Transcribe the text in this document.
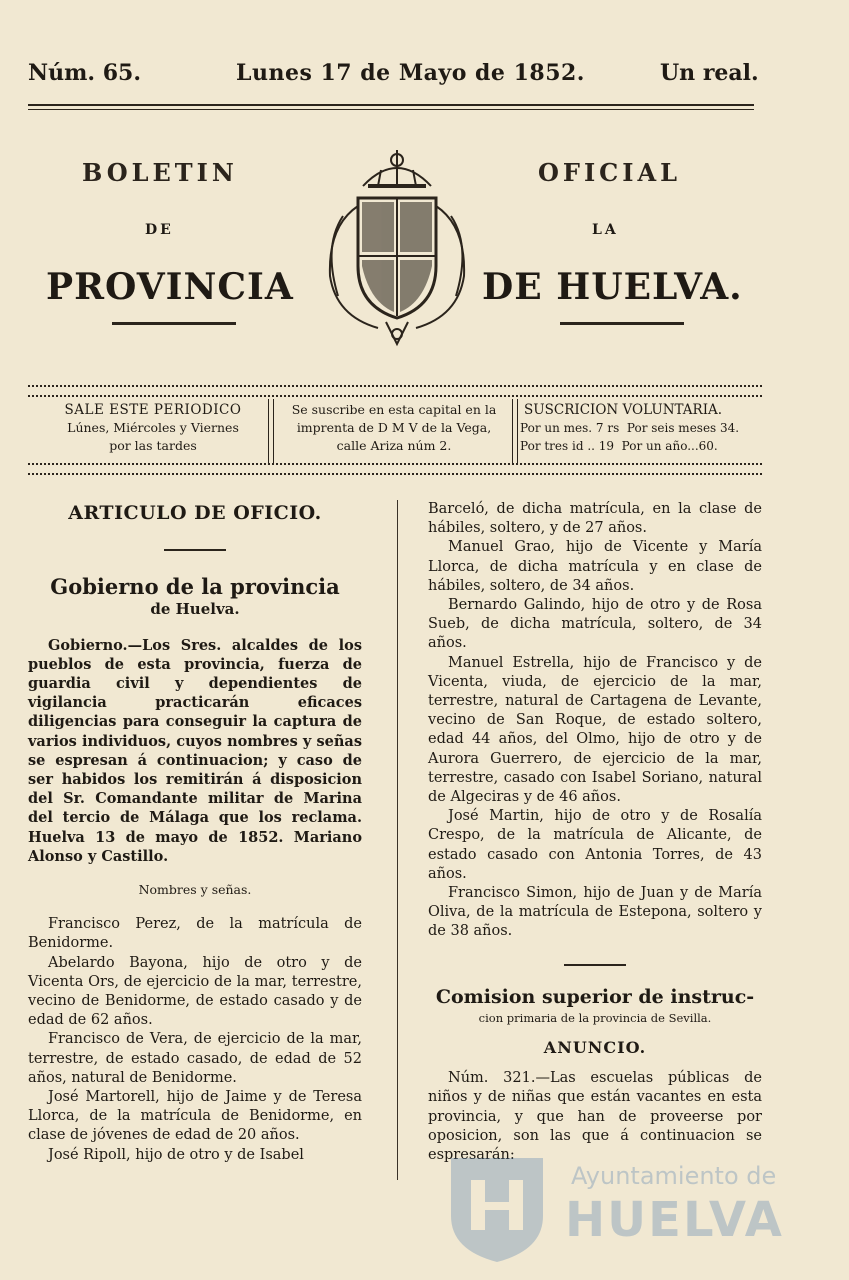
Núm. 65.	Lunes 17 de Mayo de 1852.	Un real.
BOLETIN	OFICIAL
DE	LA
PROVINCIA	DE HUELVA.
SALE ESTE PERIODICO
Lúnes, Miércoles y Viernes
por las tardes
Se suscribe en esta capital en la
imprenta de D M V de la Vega,
calle Ariza núm 2.
SUSCRICION VOLUNTARIA.
Por un mes. 7 rs  Por seis meses 34.
Por tres id .. 19  Por un año...60.
ARTICULO DE OFICIO.
Gobierno de la provincia
de Huelva.

Gobierno.—Los Sres. alcaldes de los pueblos de esta provincia, fuerza de guardia civil y dependientes de vigilancia practicarán eficaces diligencias para conseguir la captura de varios individuos, cuyos nombres y señas se espresan á continuacion; y caso de ser habidos los remitirán á disposicion del Sr. Comandante militar de Marina del tercio de Málaga que los reclama. Huelva 13 de mayo de 1852. Mariano Alonso y Castillo.

Nombres y señas.

Francisco Perez, de la matrícula de Benidorme.

Abelardo Bayona, hijo de otro y de Vicenta Ors, de ejercicio de la mar, terrestre, vecino de Benidorme, de estado casado y de edad de 62 años.

Francisco de Vera, de ejercicio de la mar, terrestre, de estado casado, de edad de 52 años, natural de Benidorme.

José Martorell, hijo de Jaime y de Teresa Llorca, de la matrícula de Benidorme, en clase de jóvenes de edad de 20 años.

José Ripoll, hijo de otro y de Isabel

Barceló, de dicha matrícula, en la clase de hábiles, soltero, y de 27 años.

Manuel Grao, hijo de Vicente y María Llorca, de dicha matrícula y en clase de hábiles, soltero, de 34 años.

Bernardo Galindo, hijo de otro y de Rosa Sueb, de dicha matrícula, soltero, de 34 años.

Manuel Estrella, hijo de Francisco y de Vicenta, viuda, de ejercicio de la mar, terrestre, natural de Cartagena de Levante, vecino de San Roque, de estado soltero, edad 44 años, del Olmo, hijo de otro y de Aurora Guerrero, de ejercicio de la mar, terrestre, casado con Isabel Soriano, natural de Algeciras y de 46 años.

José Martin, hijo de otro y de Rosalía Crespo, de la matrícula de Alicante, de estado casado con Antonia Torres, de 43 años.

Francisco Simon, hijo de Juan y de María Oliva, de la matrícula de Estepona, soltero y de 38 años.

Comision superior de instruc-
cion primaria de la provincia de Sevilla.
ANUNCIO.

Núm. 321.—Las escuelas públicas de niños y de niñas que están vacantes en esta provincia, y que han de proveerse por oposicion, son las que á continuacion se espresarán:

Ayuntamiento de
HUELVA
